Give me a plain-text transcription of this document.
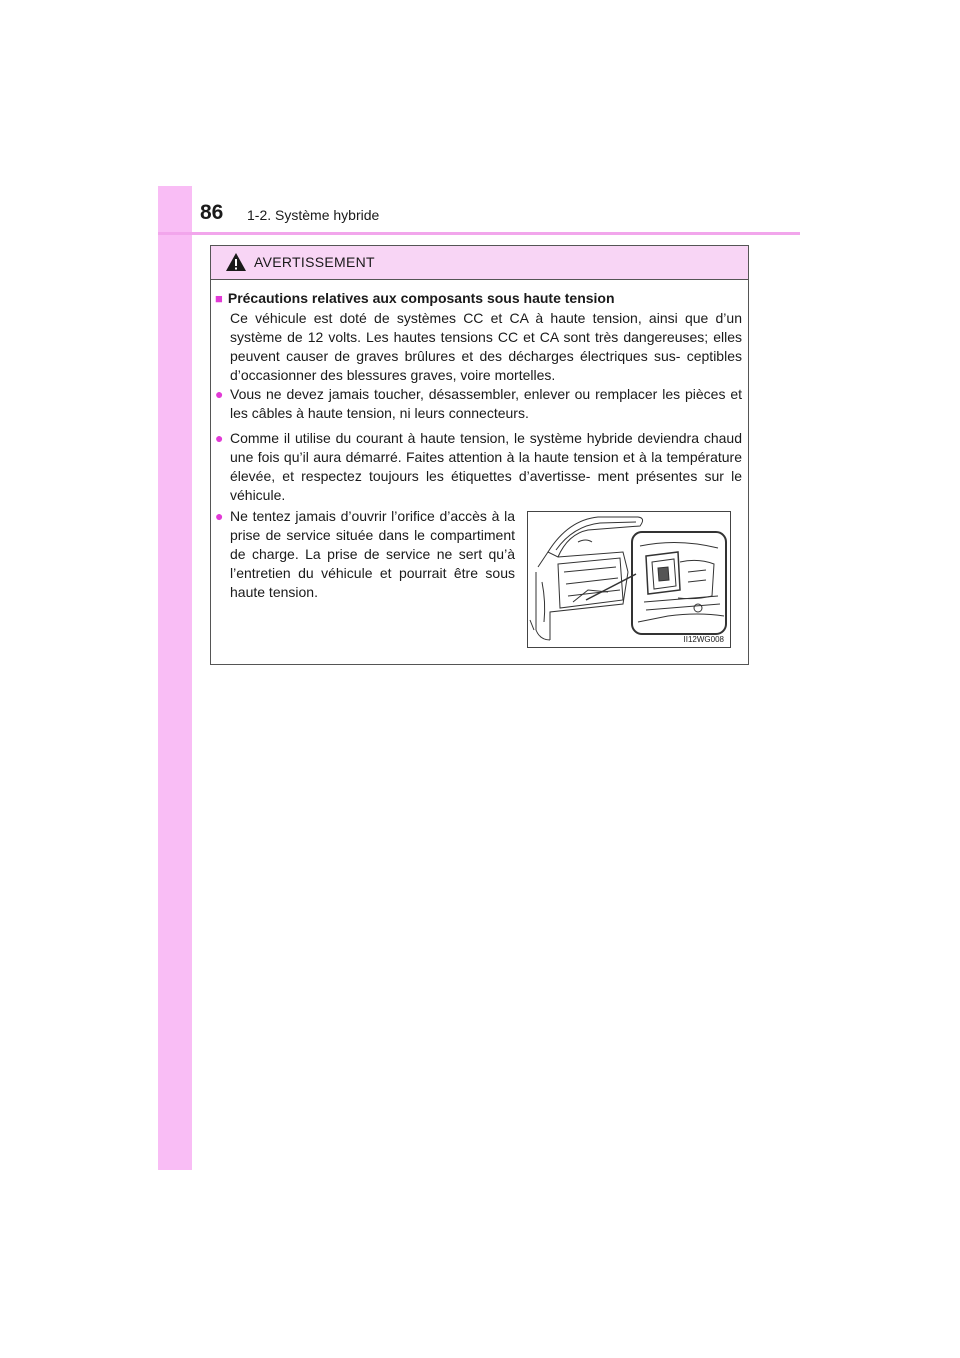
86 1-2. Système hybride
AVERTISSEMENT
■ Précautions relatives aux composants sous haute tension
Ce véhicule est doté de systèmes CC et CA à haute tension, ainsi que d’un système de 12 volts. Les hautes tensions CC et CA sont très dangereuses; elles peuvent causer de graves brûlures et des décharges électriques sus- ceptibles d’occasionner des blessures graves, voire mortelles.
● Vous ne devez jamais toucher, désassembler, enlever ou remplacer les pièces et les câbles à haute tension, ni leurs connecteurs.
● Comme il utilise du courant à haute tension, le système hybride deviendra chaud une fois qu’il aura démarré. Faites attention à la haute tension et à la température élevée, et respectez toujours les étiquettes d’avertisse- ment présentes sur le véhicule.
● Ne tentez jamais d’ouvrir l’orifice d’accès à la prise de service située dans le compartiment de charge. La prise de service ne sert qu’à l’entretien du véhicule et pourrait être sous haute tension.
II12WG008
